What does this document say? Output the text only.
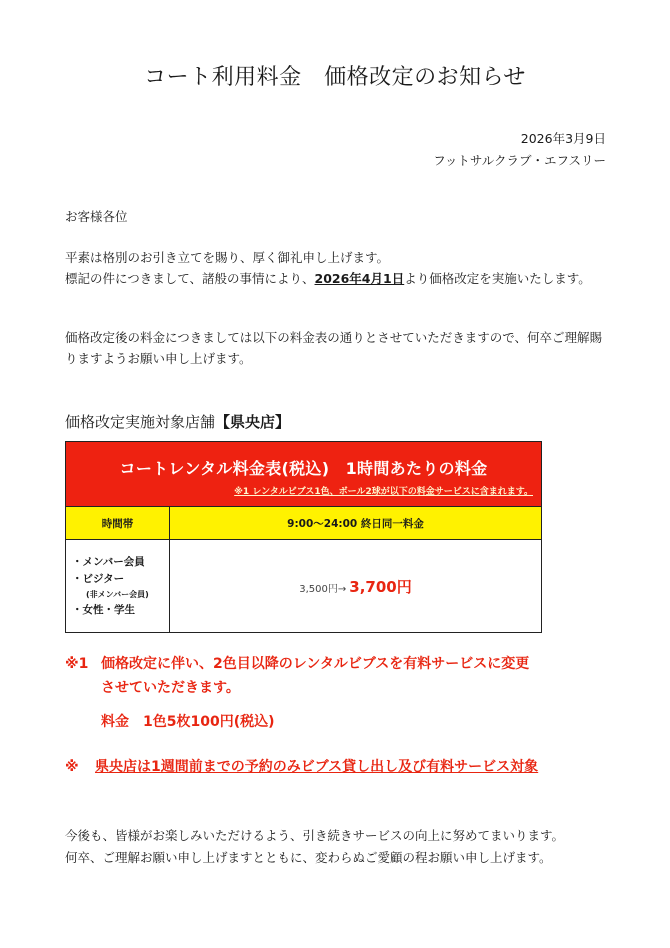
コート利用料金　価格改定のお知らせ
2026年3月9日
フットサルクラブ・エフスリー
お客様各位
平素は格別のお引き立てを賜り、厚く御礼申し上げます。
標記の件につきまして、諸般の事情により、2026年4月1日より価格改定を実施いたします。
価格改定後の料金につきましては以下の料金表の通りとさせていただきますので、何卒ご理解賜りますようお願い申し上げます。
価格改定実施対象店舗【県央店】
コートレンタル料金表(税込)　1時間あたりの料金
※1 レンタルビブス1色、ボール2球が以下の料金サービスに含まれます。	

時間帯	9:00〜24:00 終日同一料金

・メンバー会員
・ビジター
(非メンバー会員)
・女性・学生	3,500円→ 3,700円
※1 価格改定に伴い、2色目以降のレンタルビブスを有料サービスに変更
させていただきます。
料金　1色5枚100円(税込)
※ 県央店は1週間前までの予約のみビブス貸し出し及び有料サービス対象
今後も、皆様がお楽しみいただけるよう、引き続きサービスの向上に努めてまいります。
何卒、ご理解お願い申し上げますとともに、変わらぬご愛顧の程お願い申し上げます。
